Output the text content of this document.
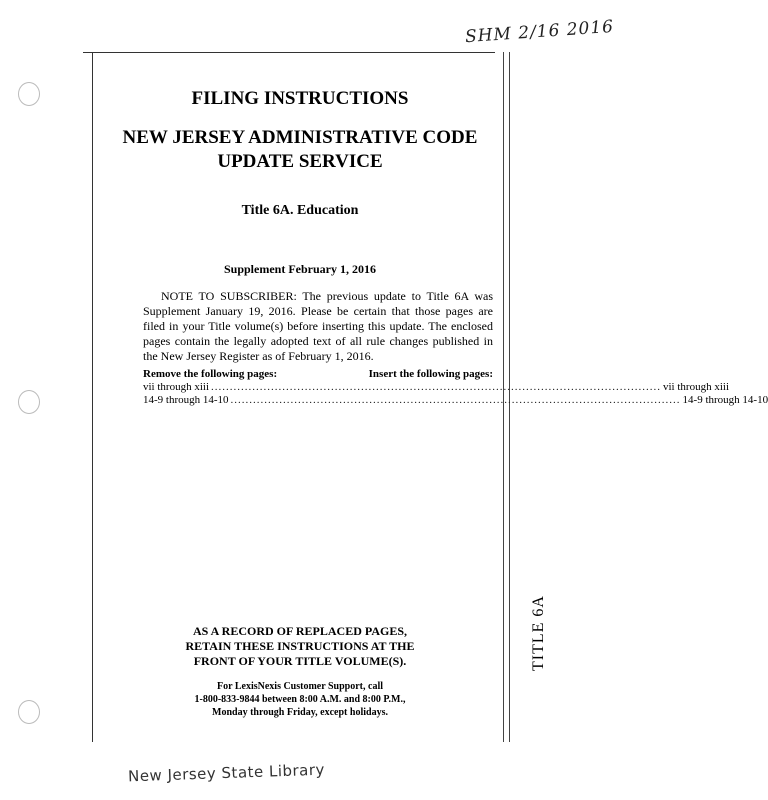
SHM 2/16 2016
FILING INSTRUCTIONS
NEW JERSEY ADMINISTRATIVE CODE
UPDATE SERVICE
Title 6A. Education
Supplement February 1, 2016
NOTE TO SUBSCRIBER: The previous update to Title 6A was Supplement January 19, 2016. Please be certain that those pages are filed in your Title volume(s) before inserting this update. The enclosed pages contain the legally adopted text of all rule changes published in the New Jersey Register as of February 1, 2016.
Remove the following pages:	Insert the following pages:
vii through xiii ........................................................................................................................ vii through xiii
14-9 through 14-10 ........................................................................................................................ 14-9 through 14-10
AS A RECORD OF REPLACED PAGES,
RETAIN THESE INSTRUCTIONS AT THE
FRONT OF YOUR TITLE VOLUME(S).
For LexisNexis Customer Support, call
1-800-833-9844 between 8:00 A.M. and 8:00 P.M.,
Monday through Friday, except holidays.
TITLE 6A
New Jersey State Library
